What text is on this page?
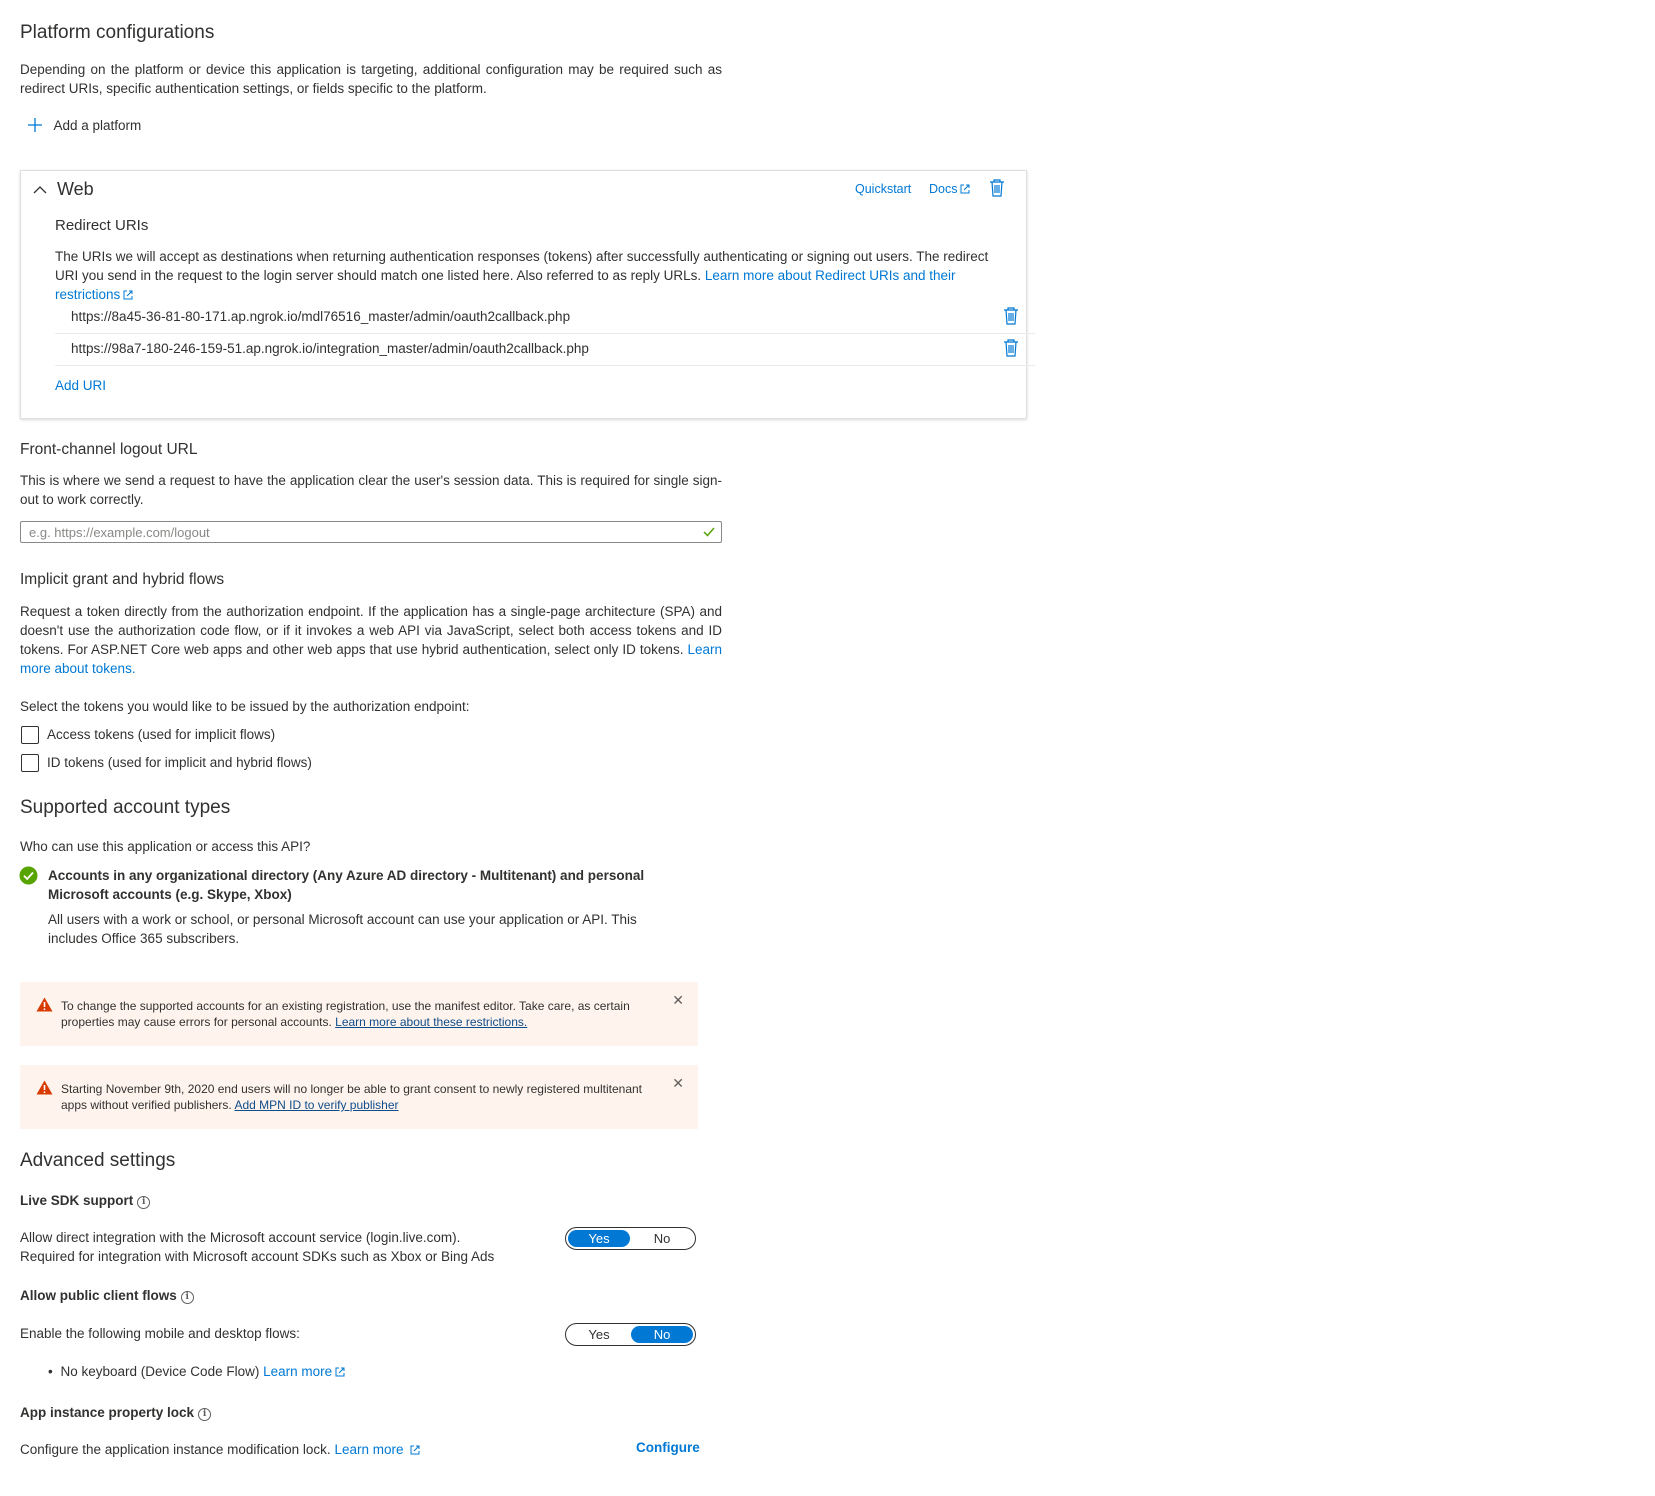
Platform configurations
Depending on the platform or device this application is targeting, additional configuration may be required such as redirect URIs, specific authentication settings, or fields specific to the platform.
Add a platform
Web	Quickstart Docs
Redirect URIs
The URIs we will accept as destinations when returning authentication responses (tokens) after successfully authenticating or signing out users. The redirect URI you send in the request to the login server should match one listed here. Also referred to as reply URLs. Learn more about Redirect URIs and their restrictions
https://8a45-36-81-80-171.ap.ngrok.io/mdl76516_master/admin/oauth2callback.php
https://98a7-180-246-159-51.ap.ngrok.io/integration_master/admin/oauth2callback.php
Add URI
Front-channel logout URL
This is where we send a request to have the application clear the user's session data. This is required for single sign-out to work correctly.
e.g. https://example.com/logout
Implicit grant and hybrid flows
Request a token directly from the authorization endpoint. If the application has a single-page architecture (SPA) and doesn't use the authorization code flow, or if it invokes a web API via JavaScript, select both access tokens and ID tokens. For ASP.NET Core web apps and other web apps that use hybrid authentication, select only ID tokens. Learn more about tokens.
Select the tokens you would like to be issued by the authorization endpoint:
Access tokens (used for implicit flows)
ID tokens (used for implicit and hybrid flows)
Supported account types
Who can use this application or access this API?
Accounts in any organizational directory (Any Azure AD directory - Multitenant) and personal Microsoft accounts (e.g. Skype, Xbox)
All users with a work or school, or personal Microsoft account can use your application or API. This includes Office 365 subscribers.
To change the supported accounts for an existing registration, use the manifest editor. Take care, as certain properties may cause errors for personal accounts. Learn more about these restrictions.
✕
Starting November 9th, 2020 end users will no longer be able to grant consent to newly registered multitenant apps without verified publishers. Add MPN ID to verify publisher
✕
Advanced settings
Live SDK support i
Allow direct integration with the Microsoft account service (login.live.com).
Required for integration with Microsoft account SDKs such as Xbox or Bing Ads
Yes	No
Allow public client flows i
Enable the following mobile and desktop flows:	Yes	No
• No keyboard (Device Code Flow) Learn more
App instance property lock i
Configure the application instance modification lock. Learn more	Configure
